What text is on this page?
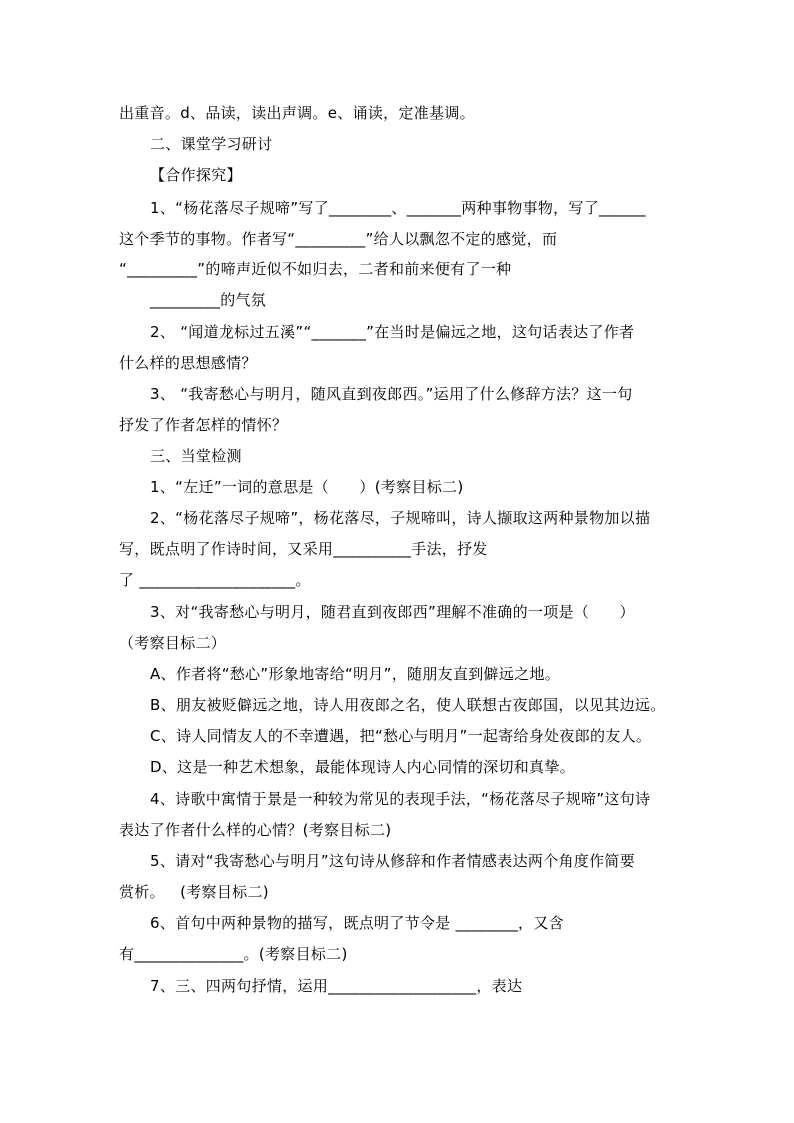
出重音。d、品读，读出声调。e、诵读，定准基调。
二、课堂学习研讨
【合作探究】
1、“杨花落尽子规啼”写了________、_______两种事物事物，写了______
这个季节的事物。作者写“_________”给人以飘忽不定的感觉，而
“_________”的啼声近似不如归去，二者和前来便有了一种
_________的气氛
2、 “闻道龙标过五溪”“_______”在当时是偏远之地，这句话表达了作者
什么样的思想感情？
3、 “我寄愁心与明月，随风直到夜郎西。”运用了什么修辞方法？这一句
抒发了作者怎样的情怀？
三、当堂检测
1、“左迁”一词的意思是（      ）(考察目标二)
2、“杨花落尽子规啼”，杨花落尽，子规啼叫，诗人撷取这两种景物加以描
写，既点明了作诗时间，又采用__________手法，抒发
了 ____________________。
3、对“我寄愁心与明月，随君直到夜郎西”理解不准确的一项是（      ）
（考察目标二）
A、作者将“愁心”形象地寄给“明月”，随朋友直到僻远之地。
B、朋友被贬僻远之地，诗人用夜郎之名，使人联想古夜郎国，以见其边远。
C、诗人同情友人的不幸遭遇，把“愁心与明月”一起寄给身处夜郎的友人。
D、这是一种艺术想象，最能体现诗人内心同情的深切和真挚。
4、诗歌中寓情于景是一种较为常见的表现手法，“杨花落尽子规啼”这句诗
表达了作者什么样的心情？(考察目标二)
5、请对“我寄愁心与明月”这句诗从修辞和作者情感表达两个角度作简要
赏析。   (考察目标二)
6、首句中两种景物的描写，既点明了节令是 ________，又含
有______________。(考察目标二)
7、三、四两句抒情，运用___________________，表达
